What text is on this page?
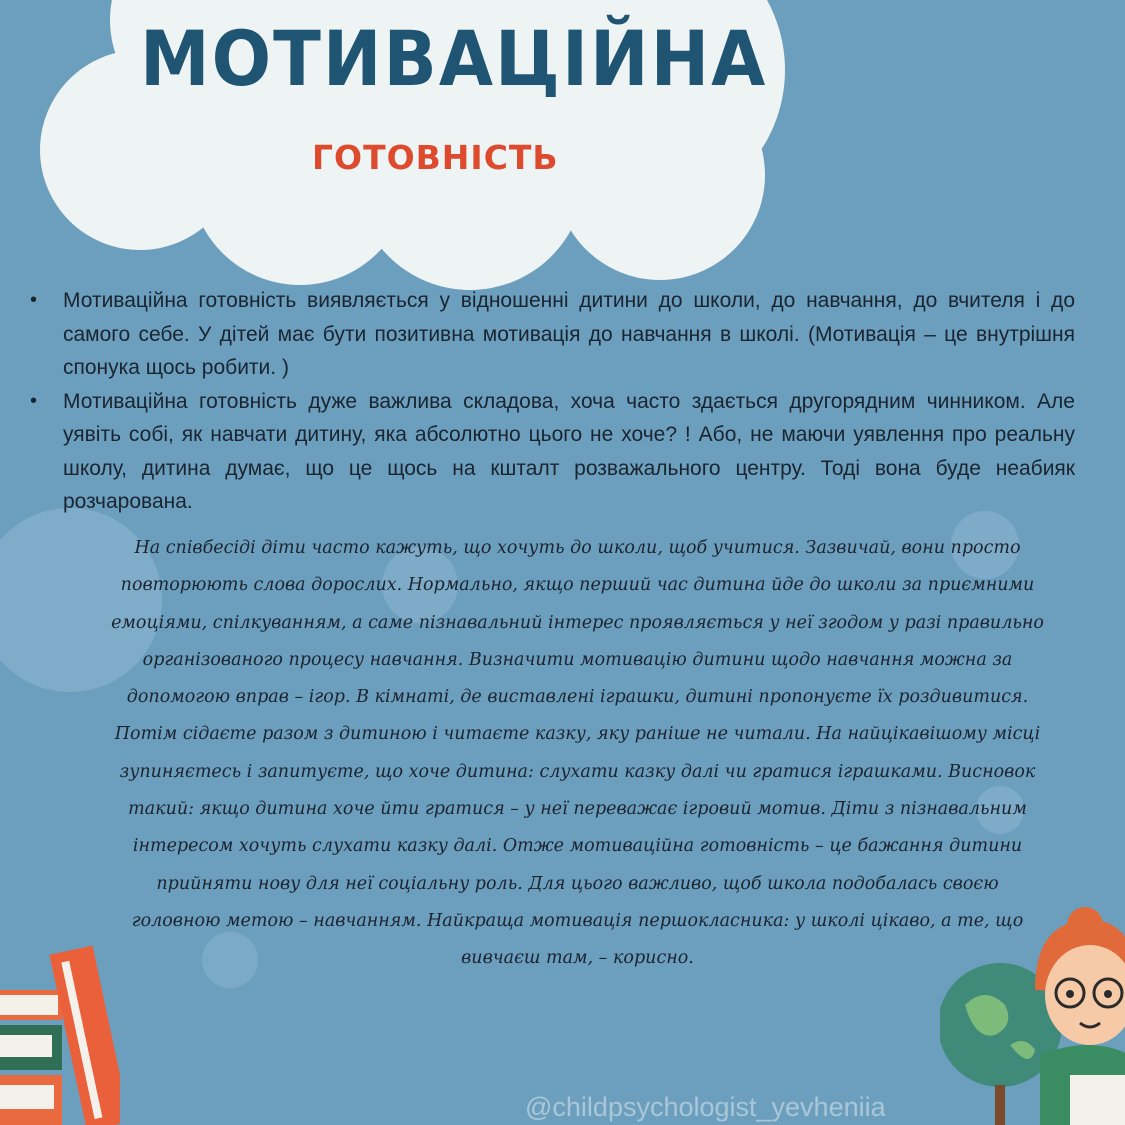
МОТИВАЦІЙНА
ГОТОВНІСТЬ
• Мотиваційна готовність виявляється у відношенні дитини до школи, до навчання, до вчителя і до самого себе. У дітей має бути позитивна мотивація до навчання в школі. (Мотивація – це внутрішня спонука щось робити. )
• Мотиваційна готовність дуже важлива складова, хоча часто здається другорядним чинником. Але уявіть собі, як навчати дитину, яка абсолютно цього не хоче? ! Або, не маючи уявлення про реальну школу, дитина думає, що це щось на кшталт розважального центру. Тоді вона буде неабияк розчарована.

На співбесіді діти часто кажуть, що хочуть до школи, щоб учитися. Зазвичай, вони просто повторюють слова дорослих. Нормально, якщо перший час дитина йде до школи за приємними емоціями, спілкуванням, а саме пізнавальний інтерес проявляється у неї згодом у разі правильно організованого процесу навчання. Визначити мотивацію дитини щодо навчання можна за допомогою вправ – ігор. В кімнаті, де виставлені іграшки, дитині пропонуєте їх роздивитися. Потім сідаєте разом з дитиною і читаєте казку, яку раніше не читали. На найцікавішому місці зупиняєтесь і запитуєте, що хоче дитина: слухати казку далі чи гратися іграшками. Висновок такий: якщо дитина хоче йти гратися – у неї переважає ігровий мотив. Діти з пізнавальним інтересом хочуть слухати казку далі. Отже мотиваційна готовність – це бажання дитини прийняти нову для неї соціальну роль. Для цього важливо, щоб школа подобалась своєю головною метою – навчанням. Найкраща мотивація першокласника: у школі цікаво, а те, що вивчаєш там, – корисно.

@childpsychologist_yevheniia
